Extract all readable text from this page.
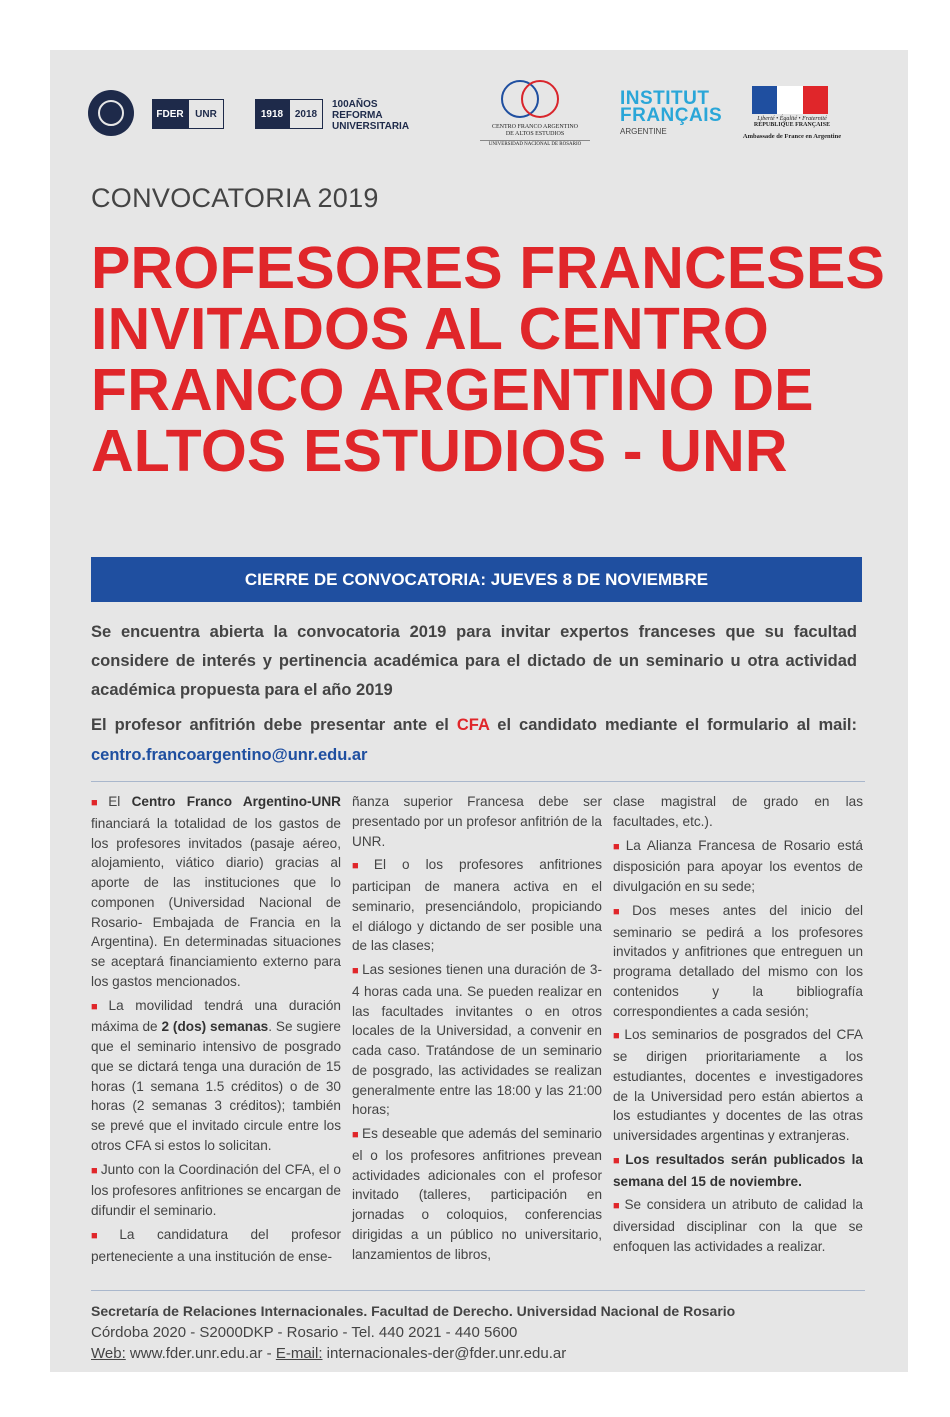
FDER	UNR	1918	2018
100AÑOS
REFORMA
UNIVERSITARIA	CENTRO FRANCO ARGENTINO
DE ALTOS ESTUDIOS
UNIVERSIDAD NACIONAL DE ROSARIO
INSTITUT
FRANÇAIS
ARGENTINE
Liberté • Égalité • Fraternité
RÉPUBLIQUE FRANÇAISE
Ambassade de France en Argentine
CONVOCATORIA 2019
PROFESORES FRANCESES
INVITADOS AL CENTRO
FRANCO ARGENTINO DE
ALTOS ESTUDIOS - UNR
CIERRE DE CONVOCATORIA: JUEVES 8 DE NOVIEMBRE

Se encuentra abierta la convocatoria 2019 para invitar expertos franceses que su facultad considere de interés y pertinencia académica para el dictado de un seminario u otra actividad académica propuesta para el año 2019

El profesor anfitrión debe presentar ante el CFA el candidato mediante el formulario al mail: centro.francoargentino@unr.edu.ar

■ El Centro Franco Argentino-UNR financiará la totalidad de los gastos de los profesores invitados (pasaje aéreo, alojamiento, viático diario) gracias al aporte de las instituciones que lo componen (Universidad Nacional de Rosario- Embajada de Francia en la Argentina). En determinadas situaciones se aceptará financiamiento externo para los gastos mencionados.

■ La movilidad tendrá una duración máxima de 2 (dos) semanas. Se sugiere que el seminario intensivo de posgrado que se dictará tenga una duración de 15 horas (1 semana 1.5 créditos) o de 30 horas (2 semanas 3 créditos); también se prevé que el invitado circule entre los otros CFA si estos lo solicitan.

■ Junto con la Coordinación del CFA, el o los profesores anfitriones se encargan de difundir el seminario.

■ La candidatura del profesor perteneciente a una institución de ense-

ñanza superior Francesa debe ser presentado por un profesor anfitrión de la UNR.

■ El o los profesores anfitriones participan de manera activa en el seminario, presenciándolo, propiciando el diálogo y dictando de ser posible una de las clases;

■ Las sesiones tienen una duración de 3-4 horas cada una. Se pueden realizar en las facultades invitantes o en otros locales de la Universidad, a convenir en cada caso. Tratándose de un seminario de posgrado, las actividades se realizan generalmente entre las 18:00 y las 21:00 horas;

■ Es deseable que además del seminario el o los profesores anfitriones prevean actividades adicionales con el profesor invitado (talleres, participación en jornadas o coloquios, conferencias dirigidas a un público no universitario, lanzamientos de libros,

clase magistral de grado en las facultades, etc.).

■ La Alianza Francesa de Rosario está disposición para apoyar los eventos de divulgación en su sede;

■ Dos meses antes del inicio del seminario se pedirá a los profesores invitados y anfitriones que entreguen un programa detallado del mismo con los contenidos y la bibliografía correspondientes a cada sesión;

■ Los seminarios de posgrados del CFA se dirigen prioritariamente a los estudiantes, docentes e investigadores de la Universidad pero están abiertos a los estudiantes y docentes de las otras universidades argentinas y extranjeras.

■ Los resultados serán publicados la semana del 15 de noviembre.

■ Se considera un atributo de calidad la diversidad disciplinar con la que se enfoquen las actividades a realizar.

Secretaría de Relaciones Internacionales. Facultad de Derecho. Universidad Nacional de Rosario
Córdoba 2020 - S2000DKP - Rosario - Tel. 440 2021 - 440 5600
Web: www.fder.unr.edu.ar - E-mail: internacionales-der@fder.unr.edu.ar
